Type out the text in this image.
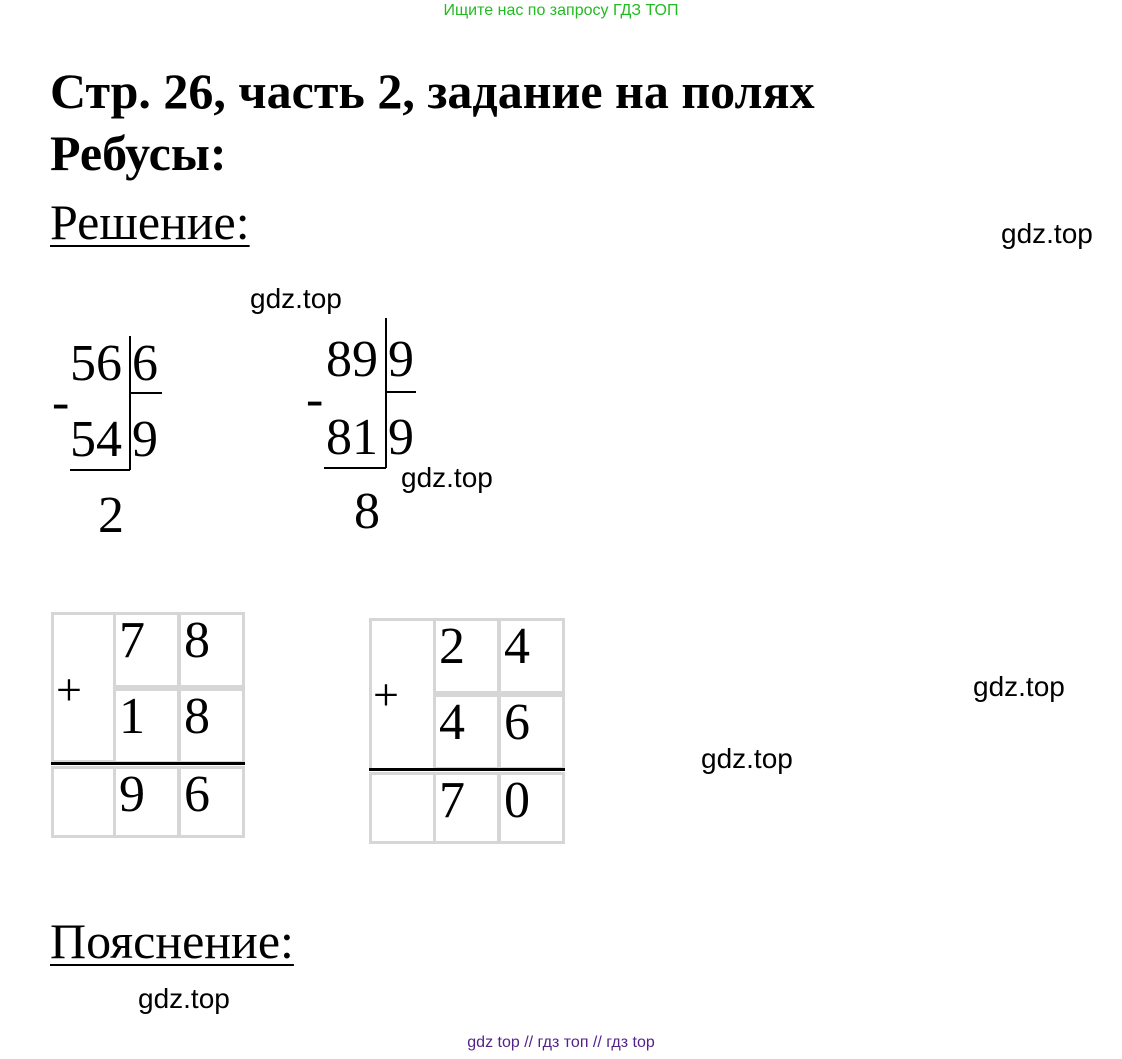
Ищите нас по запросу ГДЗ ТОП
Стр. 26, часть 2, задание на полях
Ребусы:
Решение:	gdz.top
gdz.top
gdz.top
gdz.top
gdz.top
gdz.top
56 6
-
54 9
2
89 9
-
81 9
8
+
7 8
1 8
9 6
+
2 4
4 6
7 0
Пояснение:
gdz top // гдз топ // гдз top
